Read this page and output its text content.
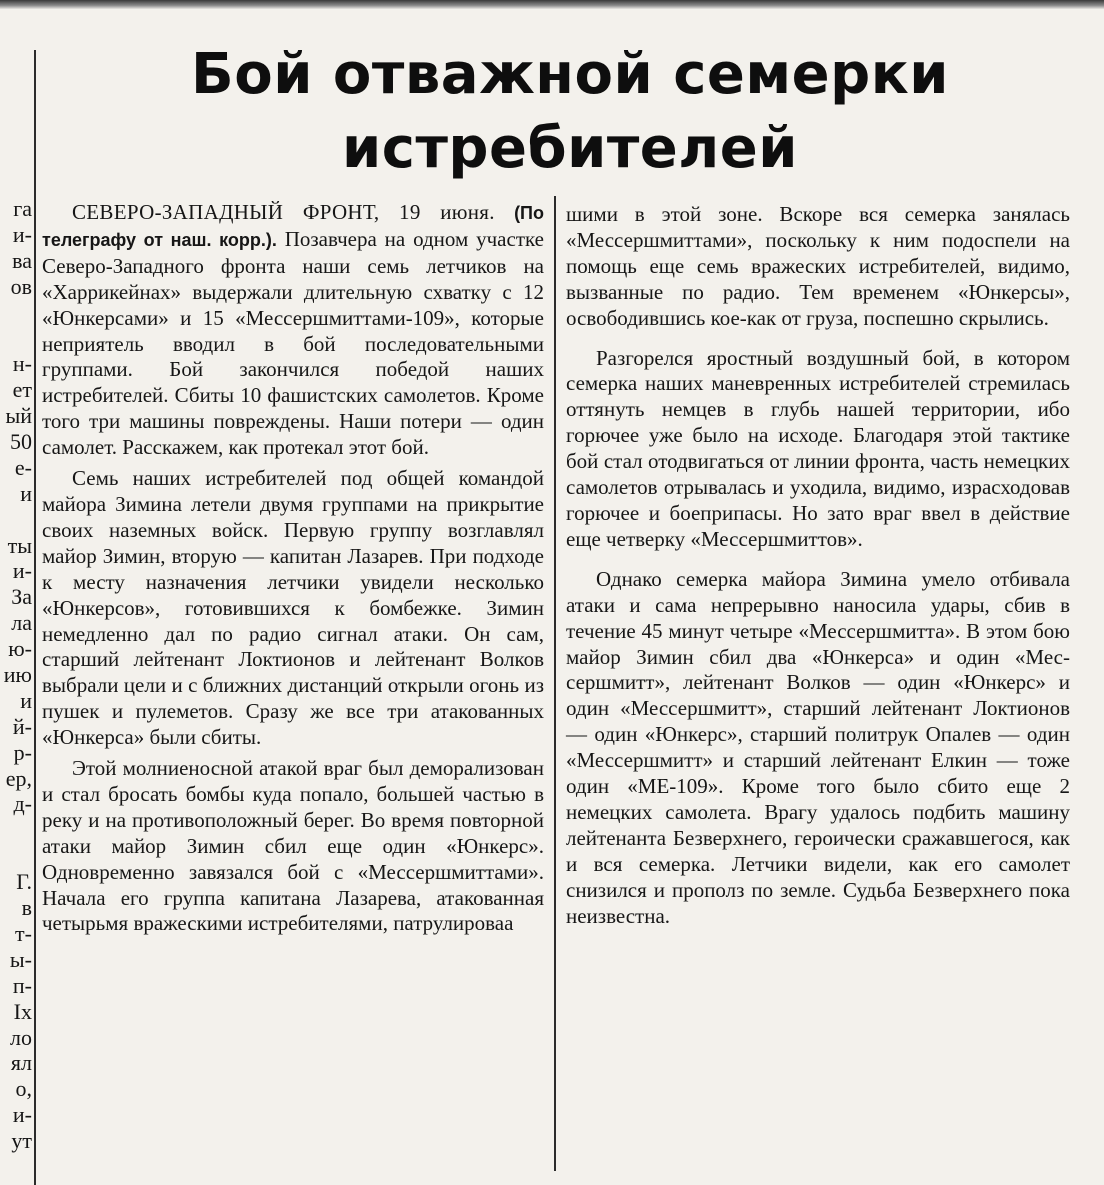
га
и-
ва
ов
н-
ет
ый
50
е-
и
ты
и-
За
ла
ю-
ию
и
й-
р-
ер,
д-
Г.
в
т-
ы-
п-
Ix
ло
ял
о,
и-
ут
Бой отважной семерки
истребителей

СЕВЕРО-ЗАПАДНЫЙ ФРОНТ, 19 июня. (По телеграфу от наш. корр.). Позавчера на одном участке Северо-Западного фронта наши семь летчиков на «Харрикейнах» выдержали длительную схватку с 12 «Юнкерсами» и 15 «Мессершмиттами-109», которые неприятель вводил в бой последовательными группами. Бой закончился победой наших истребителей. Сбиты 10 фашистских самолетов. Кроме того три машины повреждены. Наши потери — один самолет. Расскажем, как протекал этот бой.

Семь наших истребителей под общей командой майора Зимина летели двумя группами на прикрытие своих наземных войск. Первую группу возглавлял майор Зимин, вторую — капитан Лазарев. При подходе к месту назначения летчики увидели несколько «Юнкерсов», готовившихся к бомбежке. Зимин немедленно дал по радио сигнал атаки. Он сам, старший лейтенант Локтионов и лейтенант Волков выбрали цели и с ближних дистанций открыли огонь из пушек и пулеметов. Сразу же все три атакованных «Юнкерса» были сбиты.

Этой молниеносной атакой враг был деморализован и стал бросать бомбы куда попало, большей частью в реку и на противоположный берег. Во время повторной атаки майор Зимин сбил еще один «Юнкерс». Одновременно завязался бой с «Мессершмиттами». Начала его группа капитана Лазарева, атакованная четырьмя вражескими истребителями, патрулироваа

шими в этой зоне. Вскоре вся семерка занялась «Мессершмиттами», поскольку к ним подоспели на помощь еще семь вражеских истребителей, видимо, вызванные по радио. Тем временем «Юнкерсы», освободившись кое-как от груза, поспешно скрылись.

Разгорелся яростный воздушный бой, в котором семерка наших маневренных истребителей стремилась оттянуть немцев в глубь нашей территории, ибо горючее уже было на исходе. Благодаря этой тактике бой стал отодвигаться от линии фронта, часть немецких самолетов отрывалась и уходила, видимо, израсходовав горючее и боеприпасы. Но зато враг ввел в действие еще четверку «Мессершмиттов».

Однако семерка майора Зимина умело отбивала атаки и сама непрерывно наносила удары, сбив в течение 45 минут четыре «Мессершмитта». В этом бою майор Зимин сбил два «Юнкерса» и один «Мессершмитт», лейтенант Волков — один «Юнкерс» и один «Мессершмитт», старший лейтенант Локтионов — один «Юнкерс», старший политрук Опалев — один «Мессершмитт» и старший лейтенант Елкин — тоже один «МЕ-109». Кроме того было сбито еще 2 немецких самолета. Врагу удалось подбить машину лейтенанта Безверхнего, героически сражавшегося, как и вся семерка. Летчики видели, как его самолет снизился и прополз по земле. Судьба Безверхнего пока неизвестна.
